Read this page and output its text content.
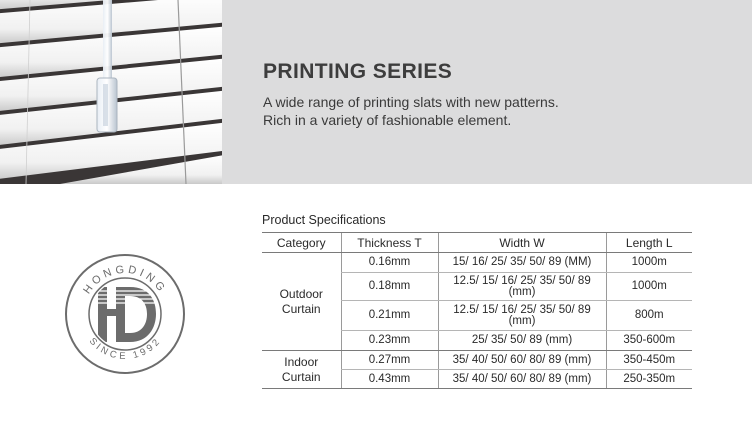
PRINTING SERIES
A wide range of printing slats with new patterns.
Rich in a variety of fashionable element.
HONGDING
SINCE 1992
Product Specifications
Category	Thickness T	Width W	Length L
Outdoor Curtain	0.16mm	15/ 16/ 25/ 35/ 50/ 89 (MM)	1000m
	0.18mm	12.5/ 15/ 16/ 25/ 35/ 50/ 89 (mm)	1000m
	0.21mm	12.5/ 15/ 16/ 25/ 35/ 50/ 89 (mm)	800m
	0.23mm	25/ 35/ 50/ 89 (mm)	350-600m
Indoor Curtain	0.27mm	35/ 40/ 50/ 60/ 80/ 89 (mm)	350-450m
	0.43mm	35/ 40/ 50/ 60/ 80/ 89 (mm)	250-350m
